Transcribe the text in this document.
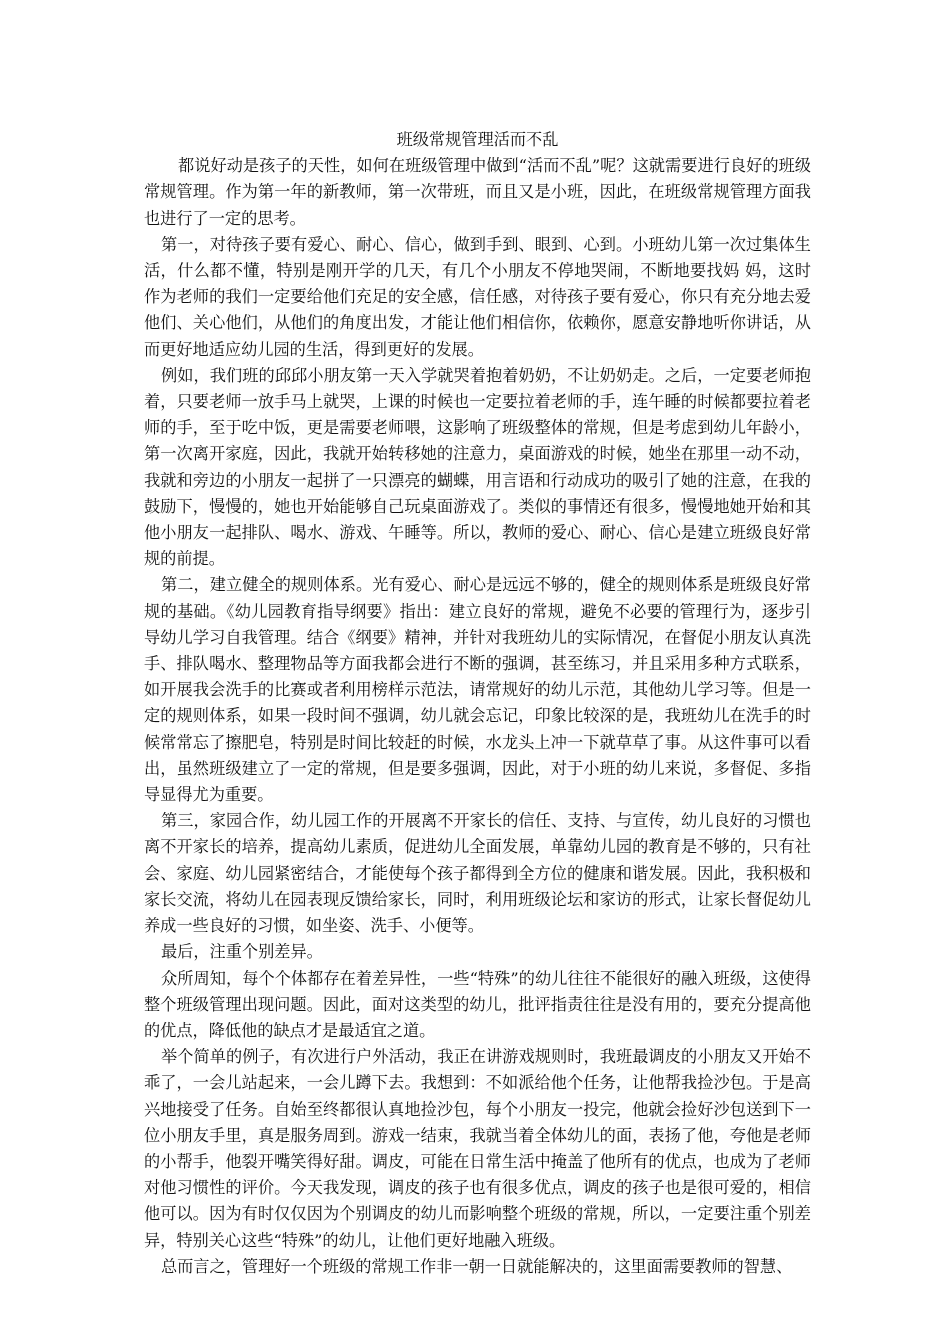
班级常规管理活而不乱

都说好动是孩子的天性，如何在班级管理中做到“活而不乱”呢？这就需要进行良好的班级常规管理。作为第一年的新教师，第一次带班，而且又是小班，因此，在班级常规管理方面我也进行了一定的思考。

第一，对待孩子要有爱心、耐心、信心，做到手到、眼到、心到。小班幼儿第一次过集体生活，什么都不懂，特别是刚开学的几天，有几个小朋友不停地哭闹，不断地要找妈 妈，这时作为老师的我们一定要给他们充足的安全感，信任感，对待孩子要有爱心，你只有充分地去爱他们、关心他们，从他们的角度出发，才能让他们相信你，依赖你，愿意安静地听你讲话，从而更好地适应幼儿园的生活，得到更好的发展。

例如，我们班的邱邱小朋友第一天入学就哭着抱着奶奶，不让奶奶走。之后，一定要老师抱着，只要老师一放手马上就哭，上课的时候也一定要拉着老师的手，连午睡的时候都要拉着老师的手，至于吃中饭，更是需要老师喂，这影响了班级整体的常规，但是考虑到幼儿年龄小，第一次离开家庭，因此，我就开始转移她的注意力，桌面游戏的时候，她坐在那里一动不动，我就和旁边的小朋友一起拼了一只漂亮的蝴蝶，用言语和行动成功的吸引了她的注意，在我的鼓励下，慢慢的，她也开始能够自己玩桌面游戏了。类似的事情还有很多，慢慢地她开始和其他小朋友一起排队、喝水、游戏、午睡等。所以，教师的爱心、耐心、信心是建立班级良好常规的前提。

第二，建立健全的规则体系。光有爱心、耐心是远远不够的，健全的规则体系是班级良好常规的基础。《幼儿园教育指导纲要》指出：建立良好的常规，避免不必要的管理行为，逐步引导幼儿学习自我管理。结合《纲要》精神，并针对我班幼儿的实际情况，在督促小朋友认真洗手、排队喝水、整理物品等方面我都会进行不断的强调，甚至练习，并且采用多种方式联系，如开展我会洗手的比赛或者利用榜样示范法，请常规好的幼儿示范，其他幼儿学习等。但是一定的规则体系，如果一段时间不强调，幼儿就会忘记，印象比较深的是，我班幼儿在洗手的时候常常忘了擦肥皂，特别是时间比较赶的时候，水龙头上冲一下就草草了事。从这件事可以看出，虽然班级建立了一定的常规，但是要多强调，因此，对于小班的幼儿来说，多督促、多指导显得尤为重要。

第三，家园合作，幼儿园工作的开展离不开家长的信任、支持、与宣传，幼儿良好的习惯也离不开家长的培养，提高幼儿素质，促进幼儿全面发展，单靠幼儿园的教育是不够的，只有社会、家庭、幼儿园紧密结合，才能使每个孩子都得到全方位的健康和谐发展。因此，我积极和家长交流，将幼儿在园表现反馈给家长，同时，利用班级论坛和家访的形式，让家长督促幼儿养成一些良好的习惯，如坐姿、洗手、小便等。

最后，注重个别差异。

众所周知，每个个体都存在着差异性，一些“特殊”的幼儿往往不能很好的融入班级，这使得整个班级管理出现问题。因此，面对这类型的幼儿，批评指责往往是没有用的，要充分提高他的优点，降低他的缺点才是最适宜之道。

举个简单的例子，有次进行户外活动，我正在讲游戏规则时，我班最调皮的小朋友又开始不乖了，一会儿站起来，一会儿蹲下去。我想到：不如派给他个任务，让他帮我捡沙包。于是高兴地接受了任务。自始至终都很认真地捡沙包，每个小朋友一投完，他就会捡好沙包送到下一位小朋友手里，真是服务周到。游戏一结束，我就当着全体幼儿的面，表扬了他，夸他是老师的小帮手，他裂开嘴笑得好甜。调皮，可能在日常生活中掩盖了他所有的优点，也成为了老师对他习惯性的评价。今天我发现，调皮的孩子也有很多优点，调皮的孩子也是很可爱的，相信他可以。因为有时仅仅因为个别调皮的幼儿而影响整个班级的常规，所以，一定要注重个别差异，特别关心这些“特殊”的幼儿，让他们更好地融入班级。

总而言之，管理好一个班级的常规工作非一朝一日就能解决的，这里面需要教师的智慧、
